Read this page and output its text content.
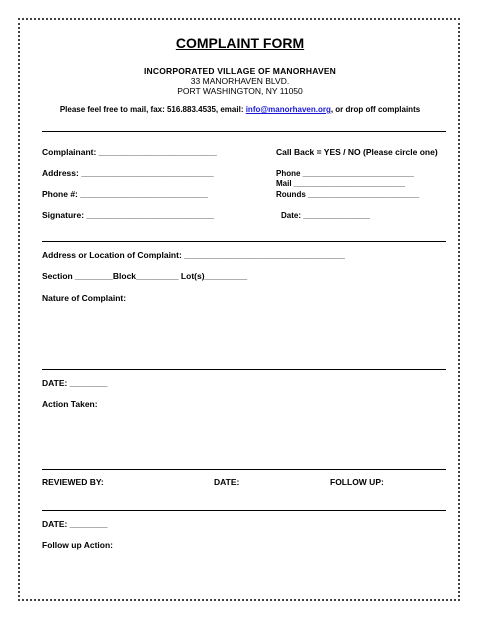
COMPLAINT FORM
INCORPORATED VILLAGE OF MANORHAVEN
33 MANORHAVEN BLVD.
PORT WASHINGTON, NY 11050
Please feel free to mail, fax: 516.883.4535, email: info@manorhaven.org, or drop off complaints
Complainant: _________________________	Call Back = YES / NO (Please circle one)
Address: ____________________________	Phone _________________________
Mail _________________________
Phone #: ___________________________	Rounds _________________________
Signature: ___________________________	Date: _______________
Address or Location of Complaint: __________________________________
Section ________Block_________ Lot(s)_________
Nature of Complaint:
DATE: ________
Action Taken:
REVIEWED BY:	DATE:	FOLLOW UP:
DATE: ________
Follow up Action:
